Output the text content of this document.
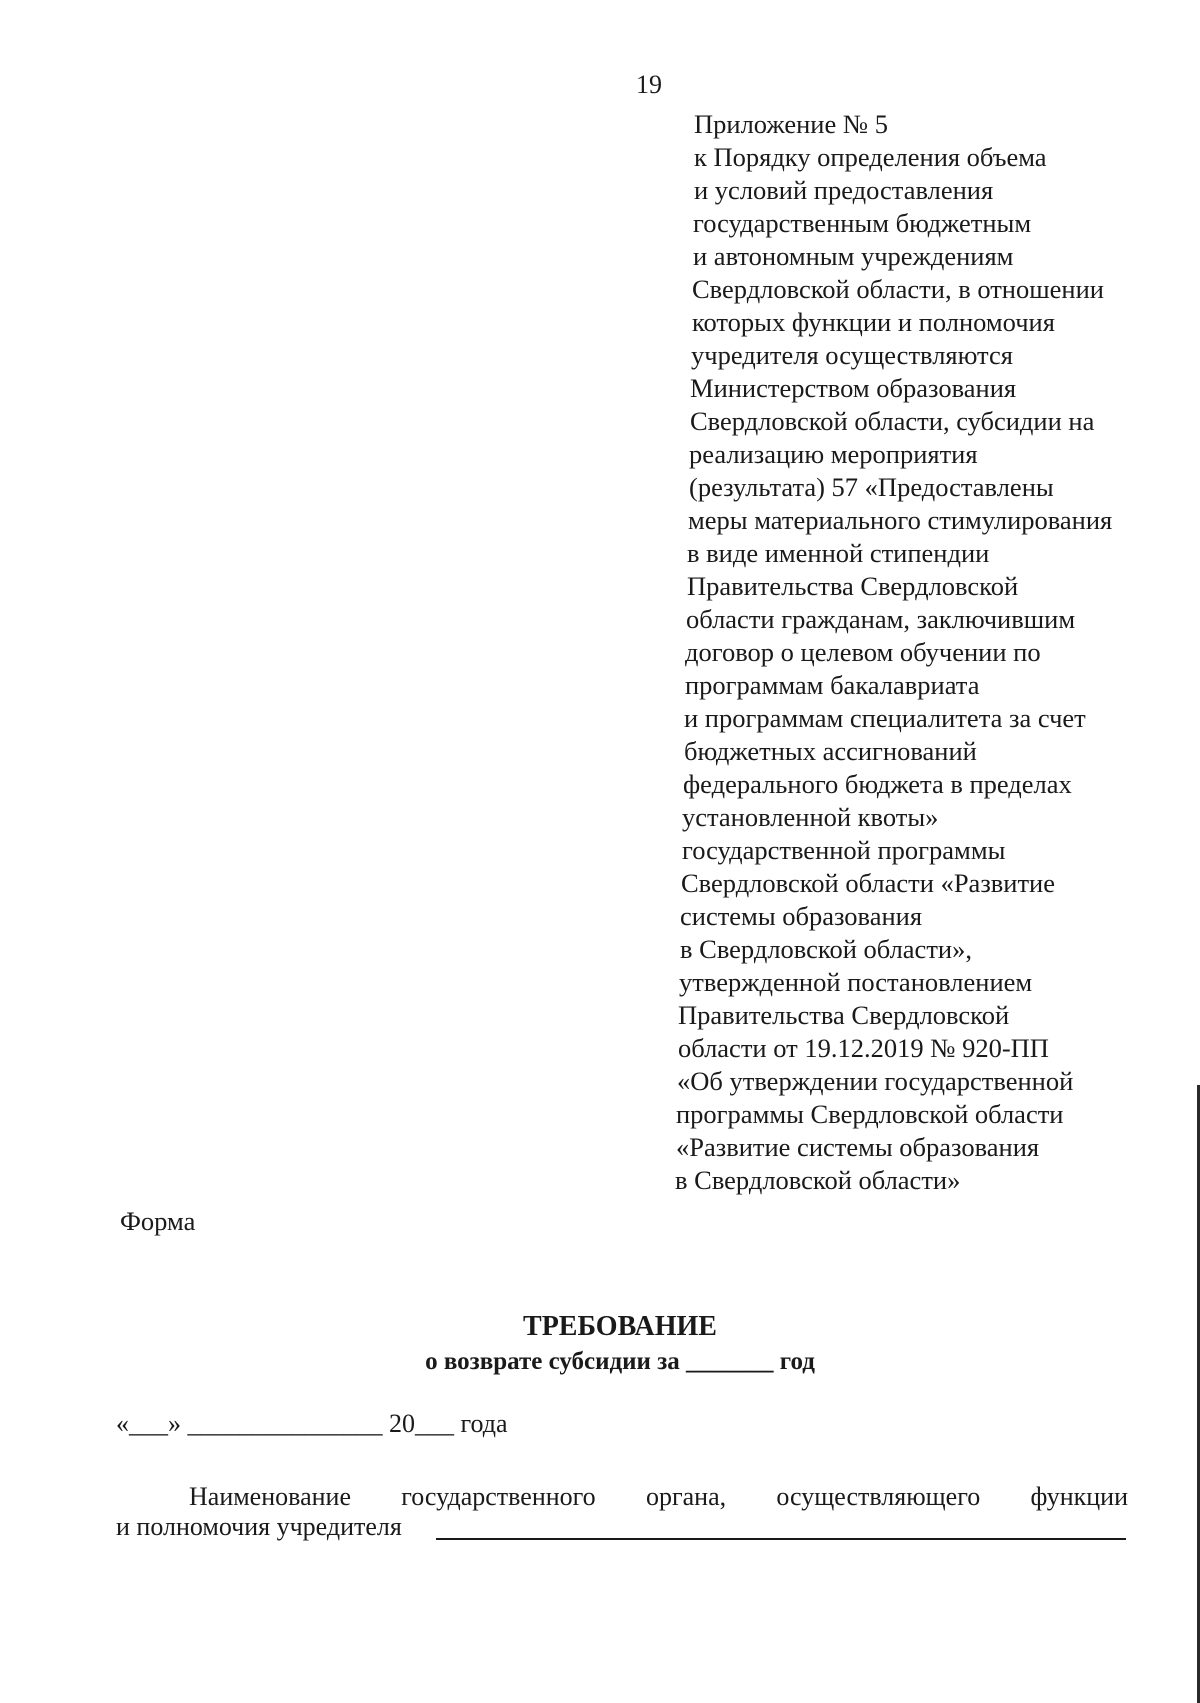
19
Приложение № 5
к Порядку определения объема
и условий предоставления
государственным бюджетным
и автономным учреждениям
Свердловской области, в отношении
которых функции и полномочия
учредителя осуществляются
Министерством образования
Свердловской области, субсидии на
реализацию мероприятия
(результата) 57 «Предоставлены
меры материального стимулирования
в виде именной стипендии
Правительства Свердловской
области гражданам, заключившим
договор о целевом обучении по
программам бакалавриата
и программам специалитета за счет
бюджетных ассигнований
федерального бюджета в пределах
установленной квоты»
государственной программы
Свердловской области «Развитие
системы образования
в Свердловской области»,
утвержденной постановлением
Правительства Свердловской
области от 19.12.2019 № 920-ПП
«Об утверждении государственной
программы Свердловской области
«Развитие системы образования
в Свердловской области»
Форма
ТРЕБОВАНИЕ
о возврате субсидии за _______ год
«___» _______________ 20___ года
Наименование государственного органа, осуществляющего функции
и полномочия учредителя
